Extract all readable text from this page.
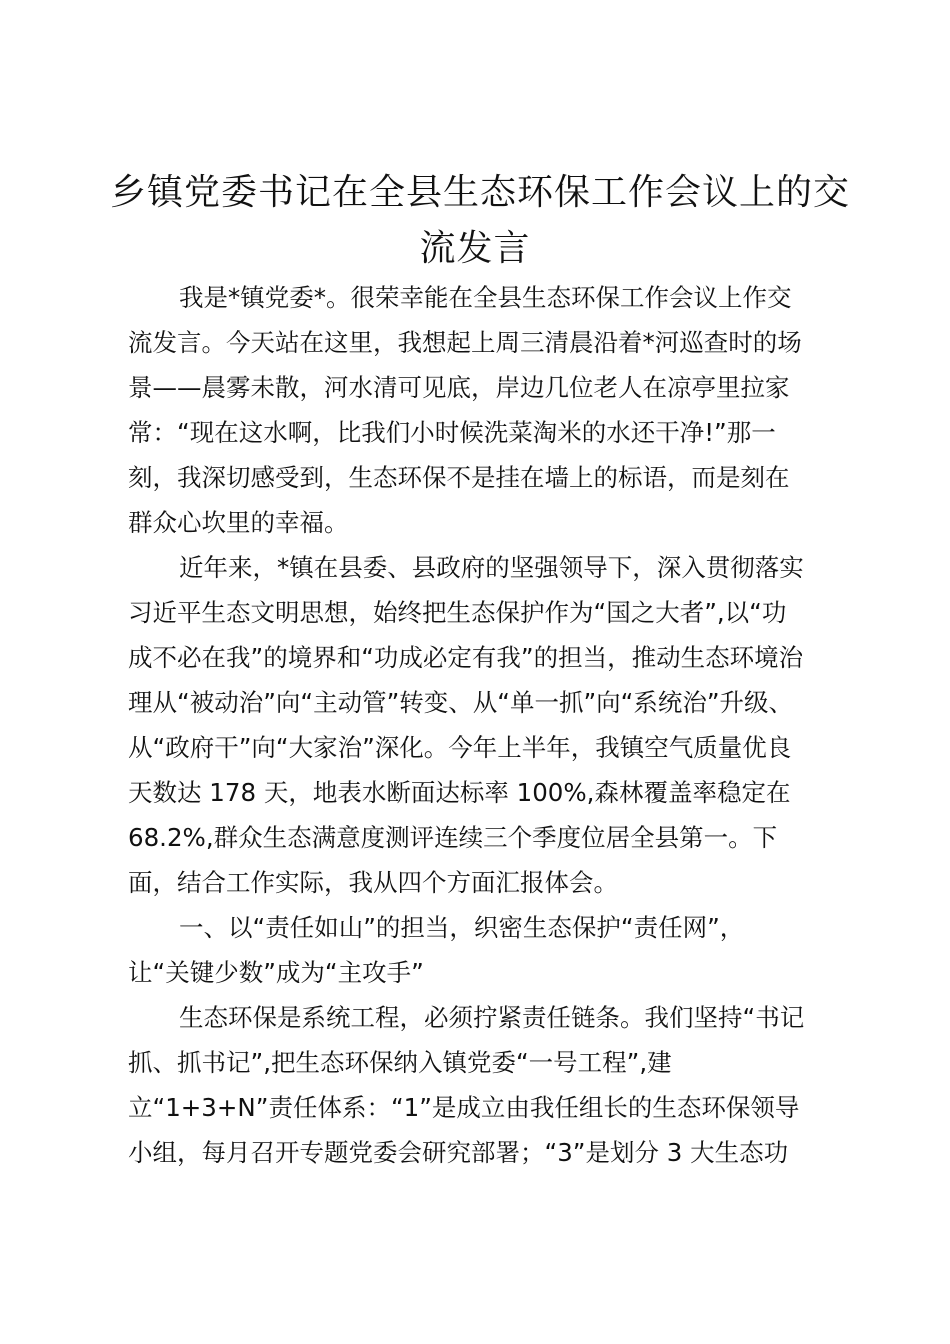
乡镇党委书记在全县生态环保工作会议上的交
流发言

我是*镇党委*。很荣幸能在全县生态环保工作会议上作交

流发言。今天站在这里，我想起上周三清晨沿着*河巡查时的场

景——晨雾未散，河水清可见底，岸边几位老人在凉亭里拉家

常：“现在这水啊，比我们小时候洗菜淘米的水还干净!”那一

刻，我深切感受到，生态环保不是挂在墙上的标语，而是刻在

群众心坎里的幸福。

近年来，*镇在县委、县政府的坚强领导下，深入贯彻落实

习近平生态文明思想，始终把生态保护作为“国之大者”,以“功

成不必在我”的境界和“功成必定有我”的担当，推动生态环境治

理从“被动治”向“主动管”转变、从“单一抓”向“系统治”升级、

从“政府干”向“大家治”深化。今年上半年，我镇空气质量优良

天数达 178 天，地表水断面达标率 100%,森林覆盖率稳定在

68.2%,群众生态满意度测评连续三个季度位居全县第一。下

面，结合工作实际，我从四个方面汇报体会。

一、以“责任如山”的担当，织密生态保护“责任网”，

让“关键少数”成为“主攻手”

生态环保是系统工程，必须拧紧责任链条。我们坚持“书记

抓、抓书记”,把生态环保纳入镇党委“一号工程”,建

立“1+3+N”责任体系：“1”是成立由我任组长的生态环保领导

小组，每月召开专题党委会研究部署；“3”是划分 3 大生态功
